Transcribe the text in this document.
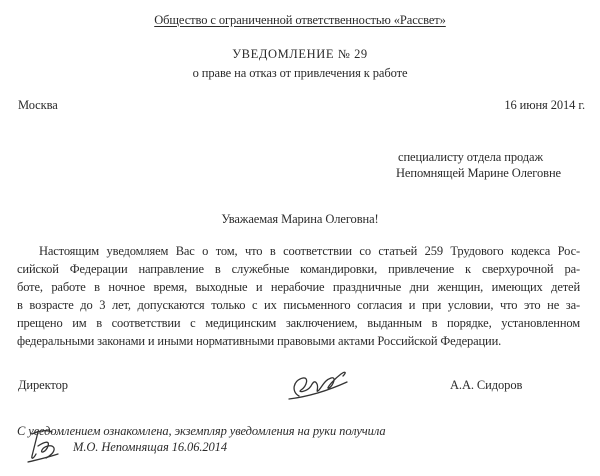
Общество с ограниченной ответственностью «Рассвет»
УВЕДОМЛЕНИЕ № 29
о праве на отказ от привлечения к работе
Москва	16 июня 2014 г.
специалисту отдела продаж
Непомнящей Марине Олеговне
Уважаемая Марина Олеговна!
Настоящим уведомляем Вас о том, что в соответствии со статьей 259 Трудового кодекса Рос-
сийской Федерации направление в служебные командировки, привлечение к сверхурочной ра-
боте, работе в ночное время, выходные и нерабочие праздничные дни женщин, имеющих детей
в возрасте до 3 лет, допускаются только с их письменного согласия и при условии, что это не за-
прещено им в соответствии с медицинским заключением, выданным в порядке, установленном
федеральными законами и иными нормативными правовыми актами Российской Федерации.
Директор	А.А. Сидоров
С уведомлением ознакомлена, экземпляр уведомления на руки получила
М.О. Непомнящая 16.06.2014
